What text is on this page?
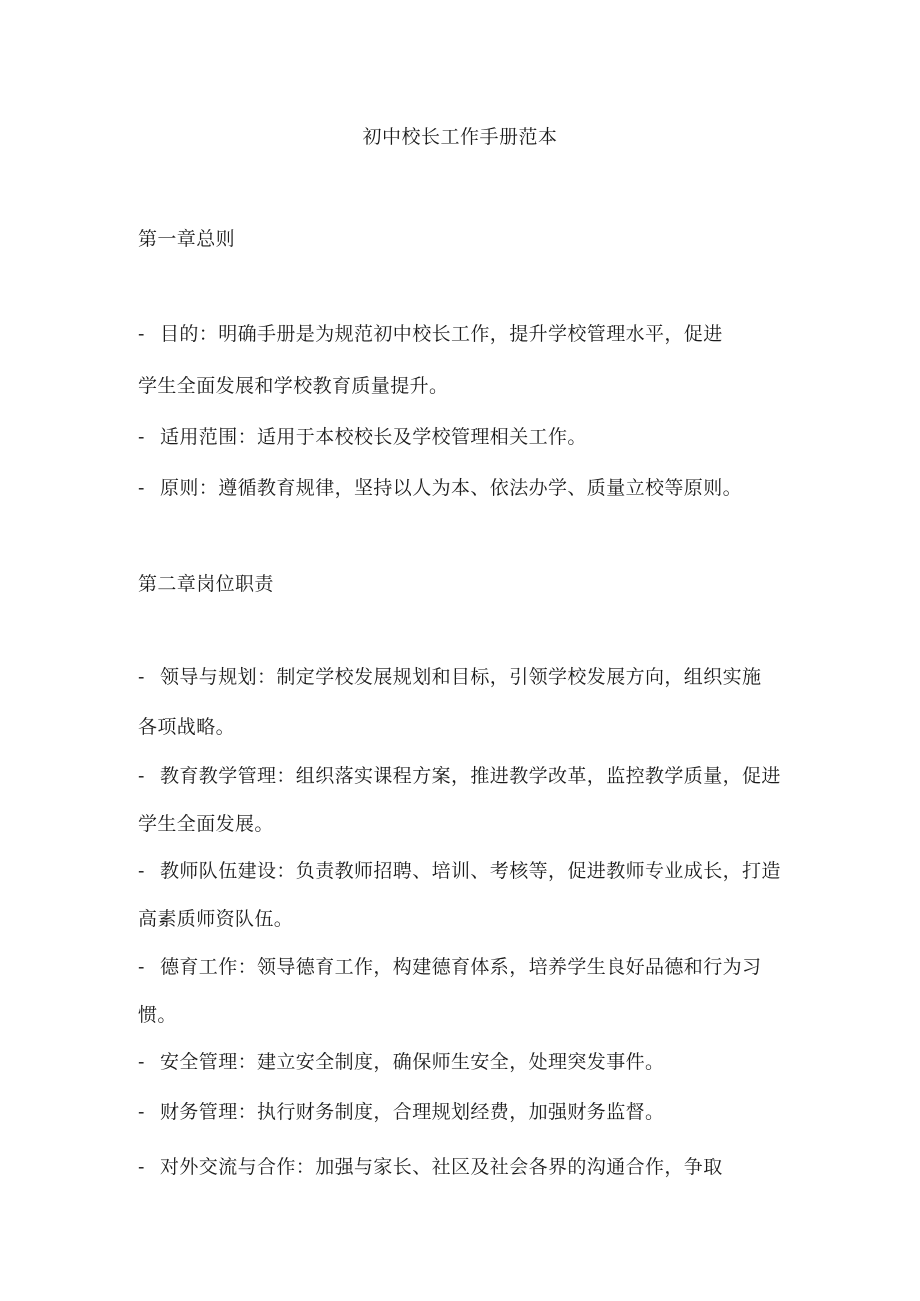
初中校长工作手册范本
第一章总则
- 目的：明确手册是为规范初中校长工作，提升学校管理水平，促进
学生全面发展和学校教育质量提升。
- 适用范围：适用于本校校长及学校管理相关工作。
- 原则：遵循教育规律，坚持以人为本、依法办学、质量立校等原则。
第二章岗位职责
- 领导与规划：制定学校发展规划和目标，引领学校发展方向，组织实施
各项战略。
- 教育教学管理：组织落实课程方案，推进教学改革，监控教学质量，促进
学生全面发展。
- 教师队伍建设：负责教师招聘、培训、考核等，促进教师专业成长，打造
高素质师资队伍。
- 德育工作：领导德育工作，构建德育体系，培养学生良好品德和行为习
惯。
- 安全管理：建立安全制度，确保师生安全，处理突发事件。
- 财务管理：执行财务制度，合理规划经费，加强财务监督。
- 对外交流与合作：加强与家长、社区及社会各界的沟通合作，争取
